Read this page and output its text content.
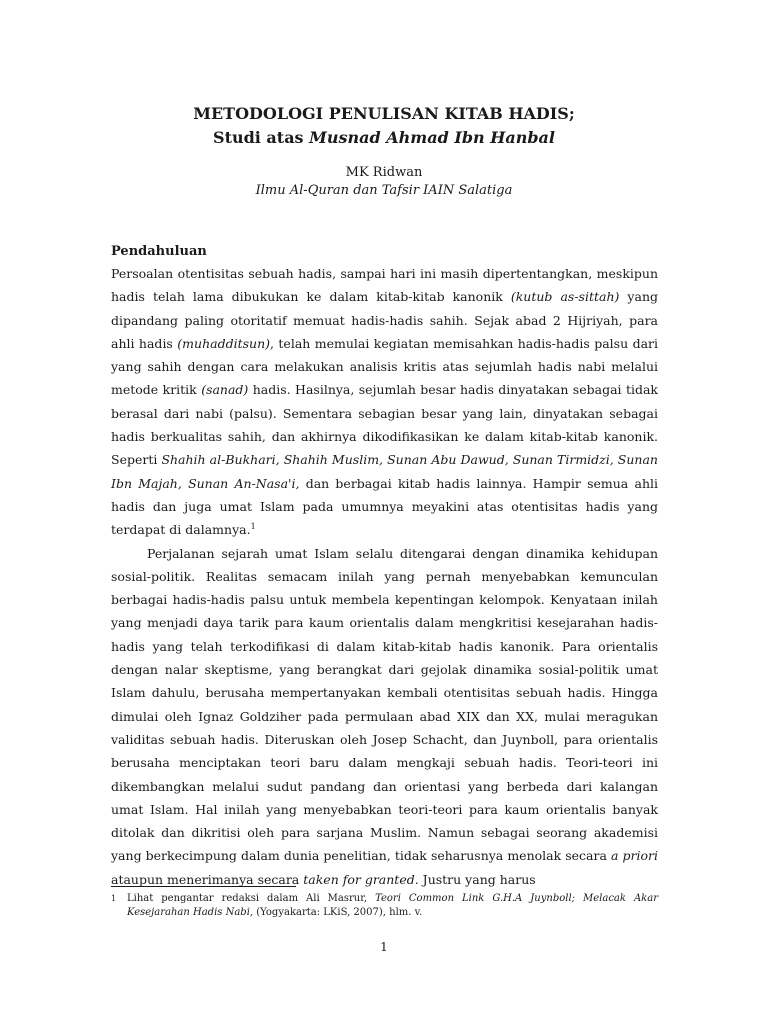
METODOLOGI PENULISAN KITAB HADIS;
Studi atas Musnad Ahmad Ibn Hanbal
MK Ridwan
Ilmu Al-Quran dan Tafsir IAIN Salatiga
Pendahuluan

Persoalan otentisitas sebuah hadis, sampai hari ini masih dipertentangkan, meskipun hadis telah lama dibukukan ke dalam kitab-kitab kanonik (kutub as-sittah) yang dipandang paling otoritatif memuat hadis-hadis sahih. Sejak abad 2 Hijriyah, para ahli hadis (muhadditsun), telah memulai kegiatan memisahkan hadis-hadis palsu dari yang sahih dengan cara melakukan analisis kritis atas sejumlah hadis nabi melalui metode kritik (sanad) hadis. Hasilnya, sejumlah besar hadis dinyatakan sebagai tidak berasal dari nabi (palsu). Sementara sebagian besar yang lain, dinyatakan sebagai hadis berkualitas sahih, dan akhirnya dikodifikasikan ke dalam kitab-kitab kanonik. Seperti Shahih al-Bukhari, Shahih Muslim, Sunan Abu Dawud, Sunan Tirmidzi, Sunan Ibn Majah, Sunan An-Nasa'i, dan berbagai kitab hadis lainnya. Hampir semua ahli hadis dan juga umat Islam pada umumnya meyakini atas otentisitas hadis yang terdapat di dalamnya.$^1$

Perjalanan sejarah umat Islam selalu ditengarai dengan dinamika kehidupan sosial-politik. Realitas semacam inilah yang pernah menyebabkan kemunculan berbagai hadis-hadis palsu untuk membela kepentingan kelompok. Kenyataan inilah yang menjadi daya tarik para kaum orientalis dalam mengkritisi kesejarahan hadis-hadis yang telah terkodifikasi di dalam kitab-kitab hadis kanonik. Para orientalis dengan nalar skeptisme, yang berangkat dari gejolak dinamika sosial-politik umat Islam dahulu, berusaha mempertanyakan kembali otentisitas sebuah hadis. Hingga dimulai oleh Ignaz Goldziher pada permulaan abad XIX dan XX, mulai meragukan validitas sebuah hadis. Diteruskan oleh Josep Schacht, dan Juynboll, para orientalis berusaha menciptakan teori baru dalam mengkaji sebuah hadis. Teori-teori ini dikembangkan melalui sudut pandang dan orientasi yang berbeda dari kalangan umat Islam. Hal inilah yang menyebabkan teori-teori para kaum orientalis banyak ditolak dan dikritisi oleh para sarjana Muslim. Namun sebagai seorang akademisi yang berkecimpung dalam dunia penelitian, tidak seharusnya menolak secara a priori ataupun menerimanya secara taken for granted. Justru yang harus

1	Lihat pengantar redaksi dalam Ali Masrur, Teori Common Link G.H.A Juynboll; Melacak Akar Kesejarahan Hadis Nabi, (Yogyakarta: LKiS, 2007), hlm. v.
1
